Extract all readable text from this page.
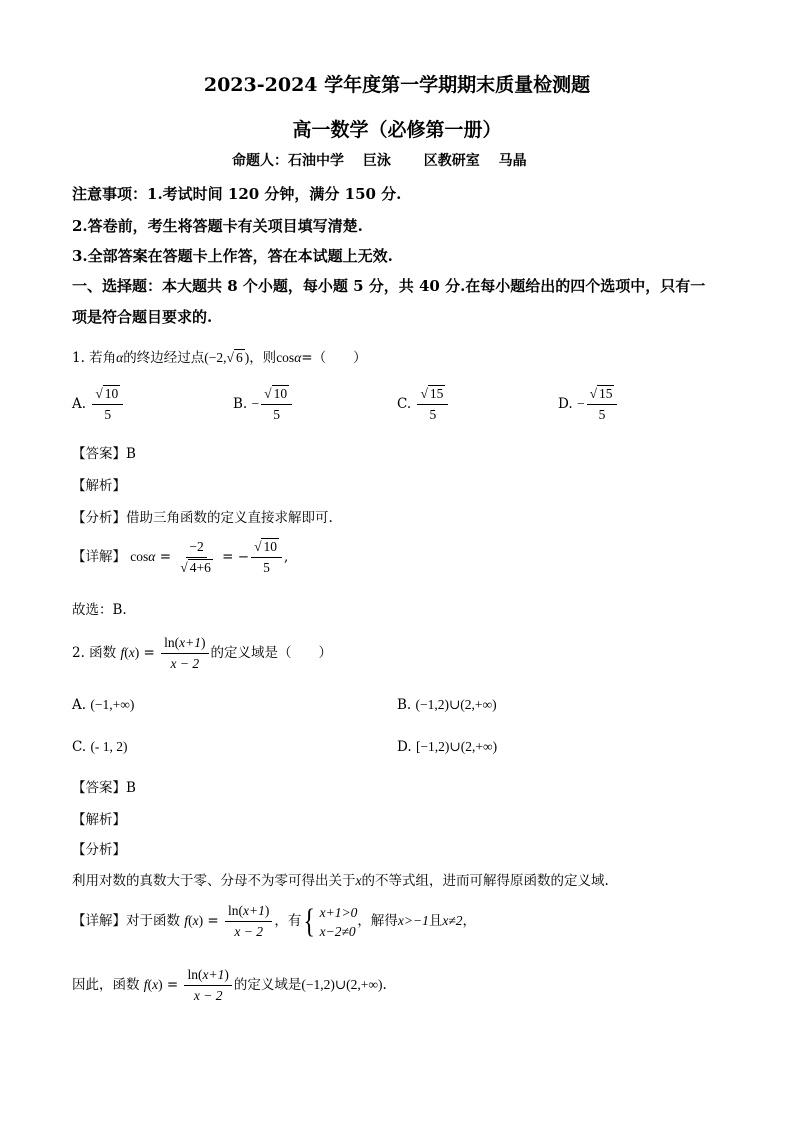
2023-2024 学年度第一学期期末质量检测题
高一数学（必修第一册）
命题人：石油中学　 巨泳　　 区教研室　 马晶
注意事项：1.考试时间 120 分钟，满分 150 分.
2.答卷前，考生将答题卡有关项目填写清楚.
3.全部答案在答题卡上作答，答在本试题上无效.
一、选择题：本大题共 8 个小题，每小题 5 分，共 40 分.在每小题给出的四个选项中，只有一
项是符合题目要求的.
1. 若角α的终边经过点(−2,√ 6 )，则cosα=（　　）
A. $\frac{√ 10}{5}$	B. − $\frac{√ 10}{5}$	C. $\frac{√ 15}{5}$	D. − $\frac{√ 15}{5}$
【答案】B
【解析】
【分析】借助三角函数的定义直接求解即可.
【详解】 $\cos\alpha = \frac{-2}{√ 4+6}$ = − $\frac{√ 10}{5}$ ,
故选：B.
2. 函数 $f(x) = \frac{\ln(x+1)}{x - 2}$ 的定义域是（　　）
A. (−1,+∞)	B. (−1,2)∪(2,+∞)
C. (- 1, 2)	D. [−1,2)∪(2,+∞)
【答案】B
【解析】
【分析】
利用对数的真数大于零、分母不为零可得出关于x的不等式组，进而可解得原函数的定义域.
【详解】对于函数 $f(x) = \frac{\ln(x+1)}{x - 2}$ ，有 { x+1>0
x−2≠0
，解得x>−1且x≠2，
因此，函数 $f(x) = \frac{\ln(x+1)}{x - 2}$ 的定义域是(−1,2)∪(2,+∞).
